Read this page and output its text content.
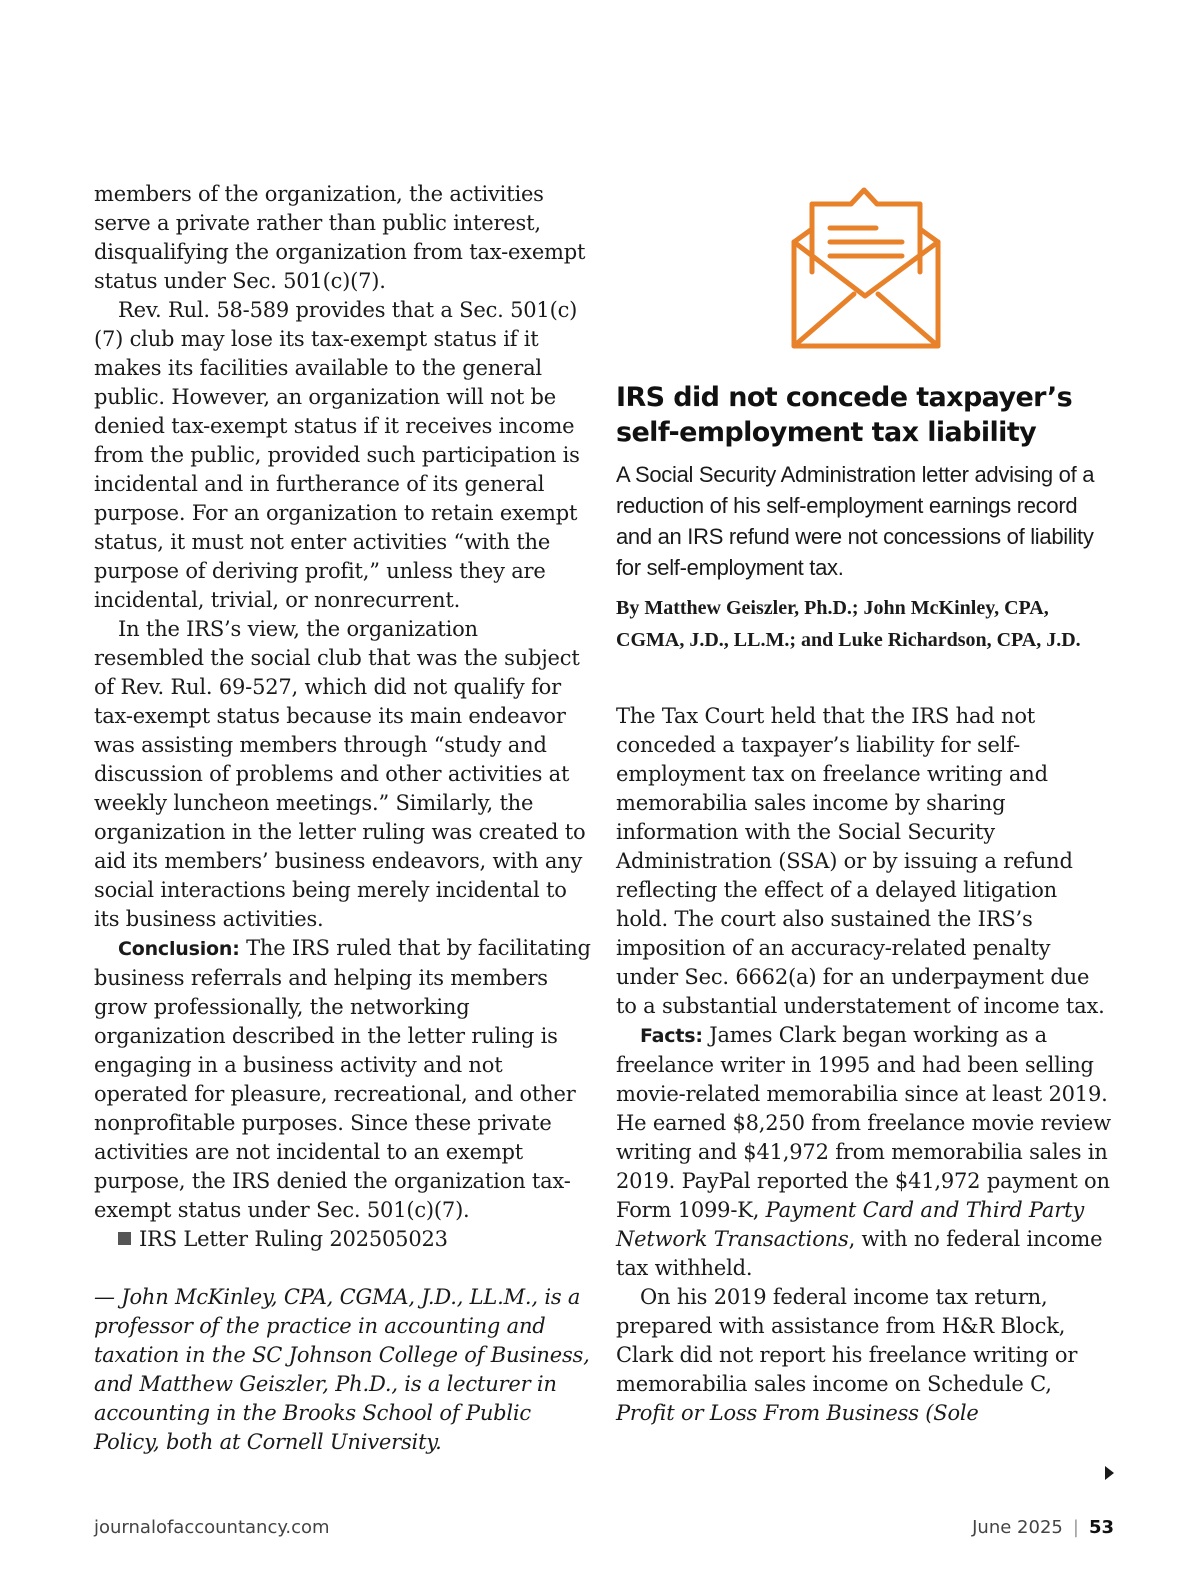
members of the organization, the activities serve a private rather than public interest, disqualifying the organization from tax-exempt status under Sec. 501(c)(7).

Rev. Rul. 58-589 provides that a Sec. 501(c)(7) club may lose its tax-exempt status if it makes its facilities available to the general public. However, an organization will not be denied tax-exempt status if it receives income from the public, provided such participation is incidental and in furtherance of its general purpose. For an organization to retain exempt status, it must not enter activities “with the purpose of deriving profit,” unless they are incidental, trivial, or nonrecurrent.

In the IRS’s view, the organization resembled the social club that was the subject of Rev. Rul. 69-527, which did not qualify for tax-exempt status because its main endeavor was assisting members through “study and discussion of problems and other activities at weekly luncheon meetings.” Similarly, the organization in the letter ruling was created to aid its members’ business endeavors, with any social interactions being merely incidental to its business activities.

Conclusion: The IRS ruled that by facilitating business referrals and helping its members grow professionally, the networking organization described in the letter ruling is engaging in a business activity and not operated for pleasure, recreational, and other nonprofitable purposes. Since these private activities are not incidental to an exempt purpose, the IRS denied the organization tax-exempt status under Sec. 501(c)(7).

IRS Letter Ruling 202505023

— John McKinley, CPA, CGMA, J.D., LL.M., is a professor of the practice in accounting and taxation in the SC Johnson College of Business, and Matthew Geiszler, Ph.D., is a lecturer in accounting in the Brooks School of Public Policy, both at Cornell University.

IRS did not concede taxpayer’s self-employment tax liability

A Social Security Administration letter advising of a reduction of his self-employment earnings record and an IRS refund were not concessions of liability for self-employment tax.

By Matthew Geiszler, Ph.D.; John McKinley, CPA, CGMA, J.D., LL.M.; and Luke Richardson, CPA, J.D.

The Tax Court held that the IRS had not conceded a taxpayer’s liability for self-employment tax on freelance writing and memorabilia sales income by sharing information with the Social Security Administration (SSA) or by issuing a refund reflecting the effect of a delayed litigation hold. The court also sustained the IRS’s imposition of an accuracy-related penalty under Sec. 6662(a) for an underpayment due to a substantial understatement of income tax.

Facts: James Clark began working as a freelance writer in 1995 and had been selling movie-related memorabilia since at least 2019. He earned $8,250 from freelance movie review writing and $41,972 from memorabilia sales in 2019. PayPal reported the $41,972 payment on Form 1099-K, Payment Card and Third Party Network Transactions, with no federal income tax withheld.

On his 2019 federal income tax return, prepared with assistance from H&R Block, Clark did not report his freelance writing or memorabilia sales income on Schedule C, Profit or Loss From Business (Sole

journalofaccountancy.com	June 2025 | 53
